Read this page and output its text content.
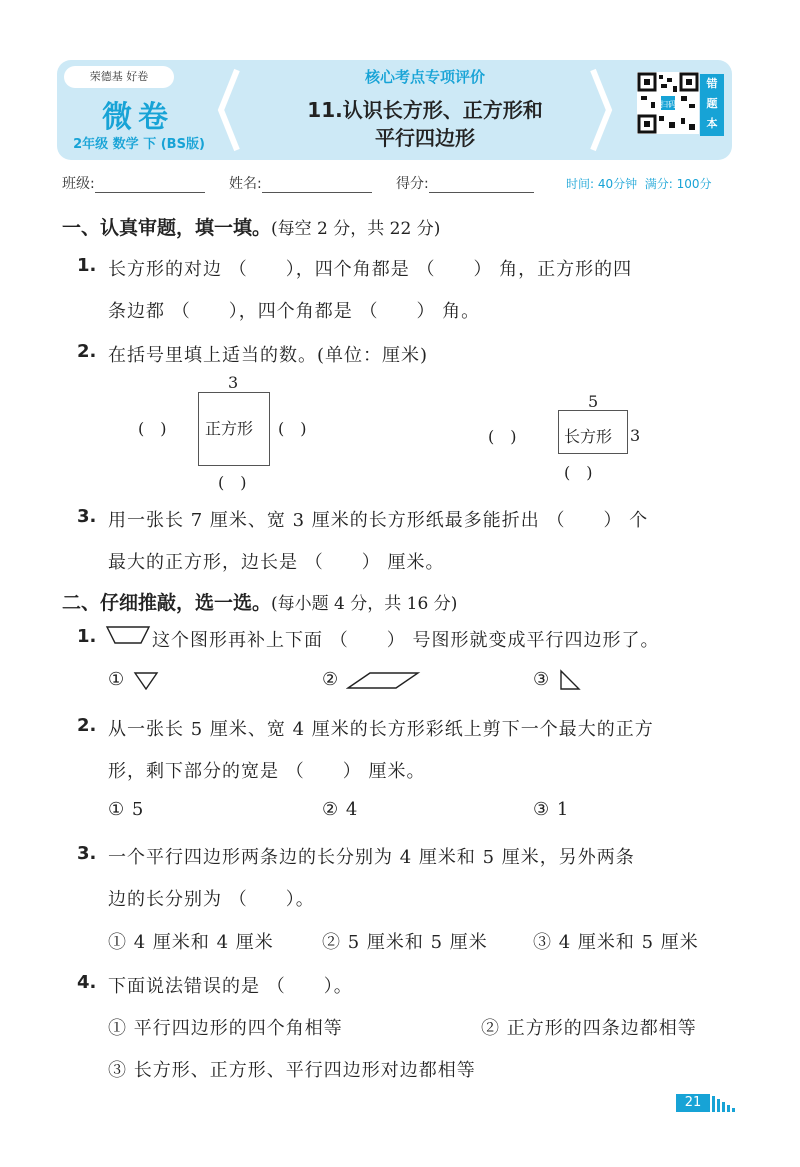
荣德基 好卷
微卷
2年级 数学 下 (BS版)
核心考点专项评价
11.认识长方形、正方形和
平行四边形
扫码
错
题
本
班级:	姓名:	得分:	时间: 40分钟 满分: 100分
一、认真审题，填一填。(每空 2 分，共 22 分)
1. 长方形的对边 （　　），四个角都是 （　　） 角，正方形的四
条边都 （　　），四个角都是 （　　） 角。
2. 在括号里填上适当的数。(单位：厘米)
3
正方形
(　)	(　)
(　)
5
长方形 3
(　)
(　)
3. 用一张长 7 厘米、宽 3 厘米的长方形纸最多能折出 （　　） 个
最大的正方形，边长是 （　　） 厘米。
二、仔细推敲，选一选。(每小题 4 分，共 16 分)
1.	这个图形再补上下面 （　　） 号图形就变成平行四边形了。
①	②	③
2. 从一张长 5 厘米、宽 4 厘米的长方形彩纸上剪下一个最大的正方
形，剩下部分的宽是 （　　） 厘米。
① 5	② 4	③ 1
3. 一个平行四边形两条边的长分别为 4 厘米和 5 厘米，另外两条
边的长分别为 （　　）。
① 4 厘米和 4 厘米	② 5 厘米和 5 厘米	③ 4 厘米和 5 厘米
4. 下面说法错误的是 （　　）。
① 平行四边形的四个角相等	② 正方形的四条边都相等
③ 长方形、正方形、平行四边形对边都相等
21
